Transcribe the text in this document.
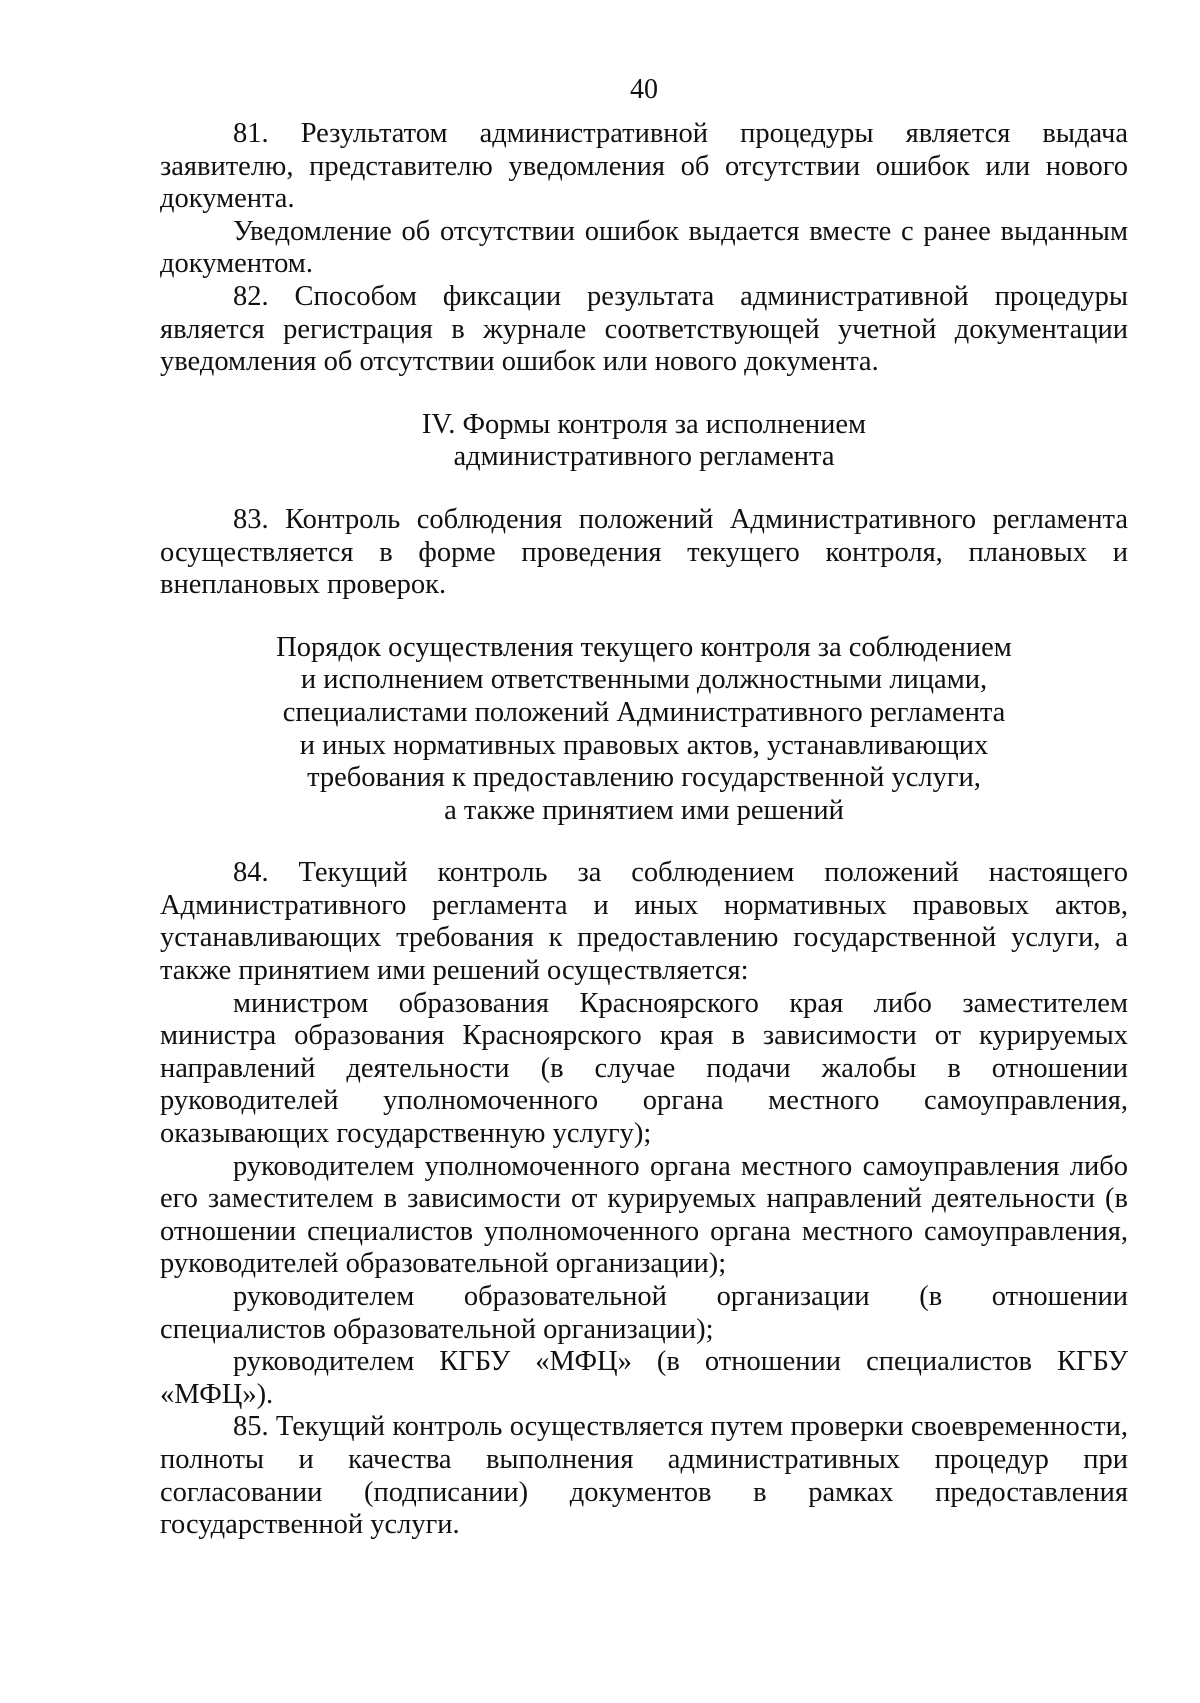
40

81. Результатом административной процедуры является выдача заявителю, представителю уведомления об отсутствии ошибок или нового документа.

Уведомление об отсутствии ошибок выдается вместе с ранее выданным документом.

82. Способом фиксации результата административной процедуры является регистрация в журнале соответствующей учетной документации уведомления об отсутствии ошибок или нового документа.

IV. Формы контроля за исполнением
административного регламента

83. Контроль соблюдения положений Административного регламента осуществляется в форме проведения текущего контроля, плановых и внеплановых проверок.

Порядок осуществления текущего контроля за соблюдением
и исполнением ответственными должностными лицами,
специалистами положений Административного регламента
и иных нормативных правовых актов, устанавливающих
требования к предоставлению государственной услуги,
а также принятием ими решений

84. Текущий контроль за соблюдением положений настоящего Административного регламента и иных нормативных правовых актов, устанавливающих требования к предоставлению государственной услуги, а также принятием ими решений осуществляется:

министром образования Красноярского края либо заместителем министра образования Красноярского края в зависимости от курируемых направлений деятельности (в случае подачи жалобы в отношении руководителей уполномоченного органа местного самоуправления, оказывающих государственную услугу);

руководителем уполномоченного органа местного самоуправления либо его заместителем в зависимости от курируемых направлений деятельности (в отношении специалистов уполномоченного органа местного самоуправления, руководителей образовательной организации);

руководителем образовательной организации (в отношении специалистов образовательной организации);

руководителем КГБУ «МФЦ» (в отношении специалистов КГБУ «МФЦ»).

85. Текущий контроль осуществляется путем проверки своевременности, полноты и качества выполнения административных процедур при согласовании (подписании) документов в рамках предоставления государственной услуги.
